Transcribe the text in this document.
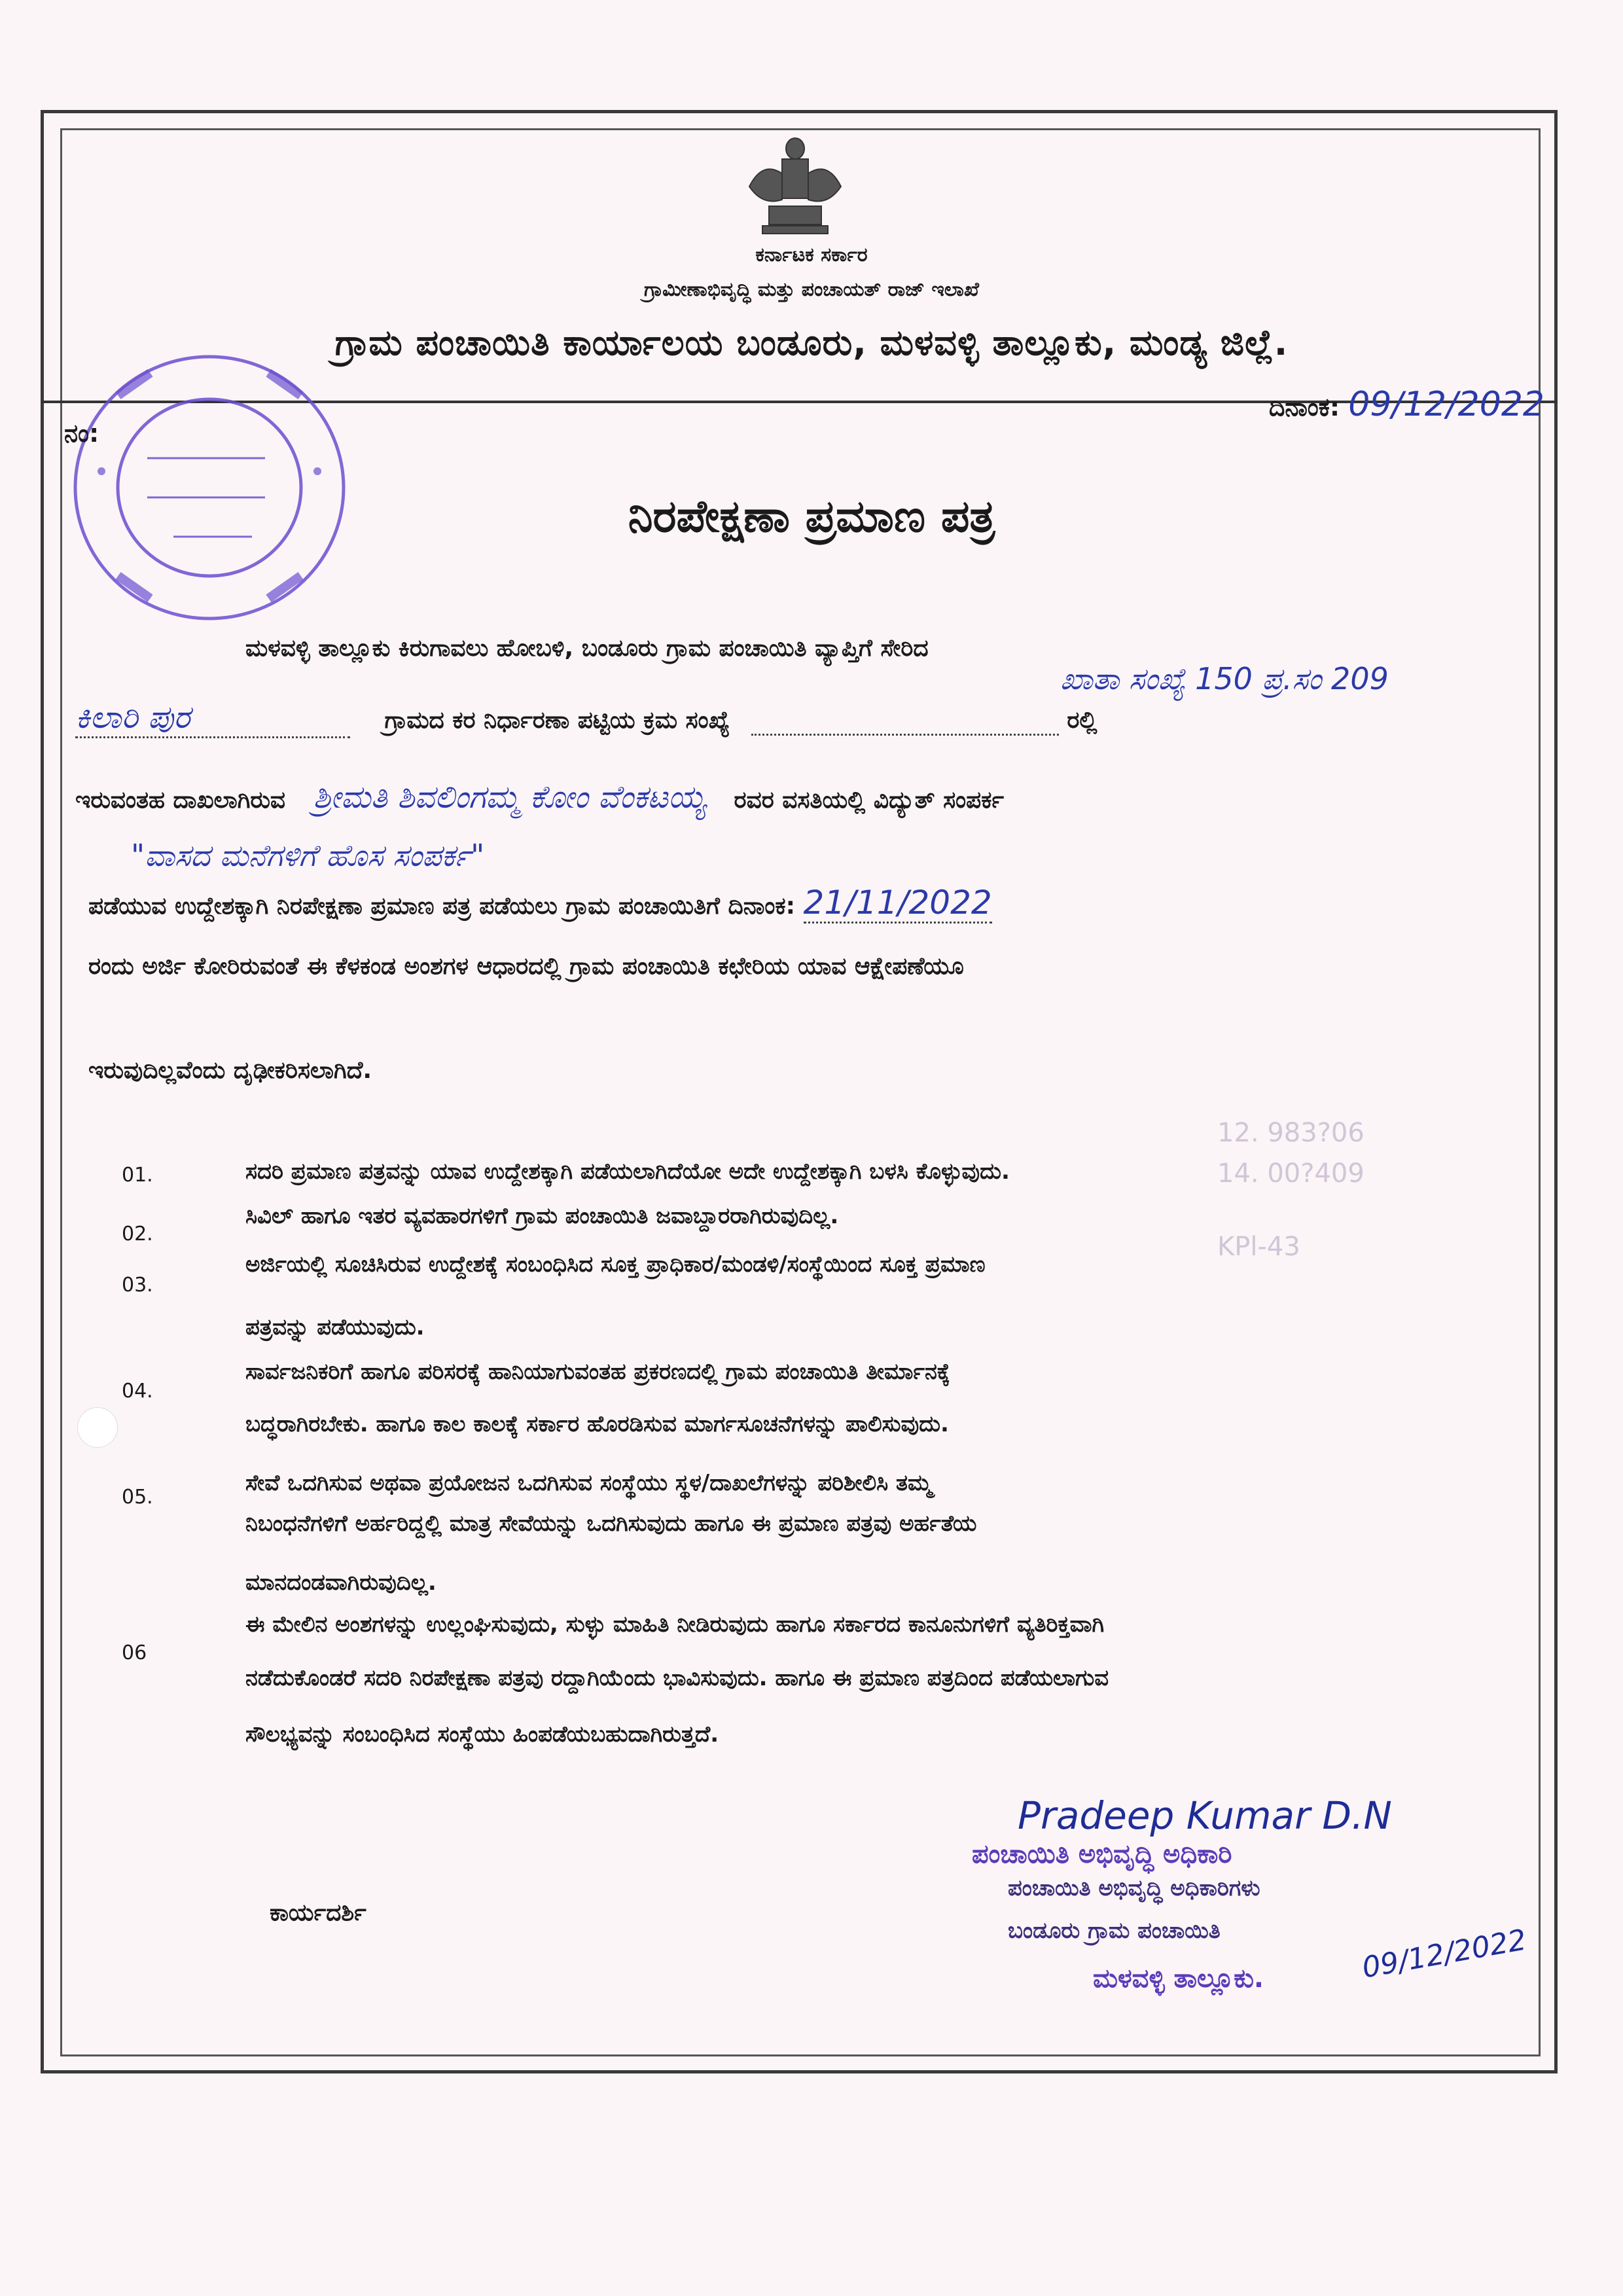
ಕರ್ನಾಟಕ ಸರ್ಕಾರ
ಗ್ರಾಮೀಣಾಭಿವೃದ್ಧಿ ಮತ್ತು ಪಂಚಾಯತ್ ರಾಜ್ ಇಲಾಖೆ
ಗ್ರಾಮ ಪಂಚಾಯಿತಿ ಕಾರ್ಯಾಲಯ ಬಂಡೂರು, ಮಳವಳ್ಳಿ ತಾಲ್ಲೂಕು, ಮಂಡ್ಯ ಜಿಲ್ಲೆ.
ದಿನಾಂಕ: 09/12/2022
ನಂ:
ನಿರಪೇಕ್ಷಣಾ ಪ್ರಮಾಣ ಪತ್ರ
ಮಳವಳ್ಳಿ ತಾಲ್ಲೂಕು ಕಿರುಗಾವಲು ಹೋಬಳಿ, ಬಂಡೂರು ಗ್ರಾಮ ಪಂಚಾಯಿತಿ ವ್ಯಾಪ್ತಿಗೆ ಸೇರಿದ
ಖಾತಾ ಸಂಖ್ಯೆ 150 ಪ್ರ.ಸಂ 209
ಕಿಲಾರಿ ಪುರ	ಗ್ರಾಮದ ಕರ ನಿರ್ಧಾರಣಾ ಪಟ್ಟಿಯ ಕ್ರಮ ಸಂಖ್ಯೆ	ರಲ್ಲಿ
ಇರುವಂತಹ ದಾಖಲಾಗಿರುವ ಶ್ರೀಮತಿ ಶಿವಲಿಂಗಮ್ಮ ಕೋಂ ವೆಂಕಟಯ್ಯ ರವರ ವಸತಿಯಲ್ಲಿ ವಿದ್ಯುತ್ ಸಂಪರ್ಕ
"ವಾಸದ ಮನೆಗಳಿಗೆ ಹೊಸ ಸಂಪರ್ಕ"
ಪಡೆಯುವ ಉದ್ದೇಶಕ್ಕಾಗಿ ನಿರಪೇಕ್ಷಣಾ ಪ್ರಮಾಣ ಪತ್ರ ಪಡೆಯಲು ಗ್ರಾಮ ಪಂಚಾಯಿತಿಗೆ ದಿನಾಂಕ: 21/11/2022
ರಂದು ಅರ್ಜಿ ಕೋರಿರುವಂತೆ ಈ ಕೆಳಕಂಡ ಅಂಶಗಳ ಆಧಾರದಲ್ಲಿ ಗ್ರಾಮ ಪಂಚಾಯಿತಿ ಕಛೇರಿಯ ಯಾವ ಆಕ್ಷೇಪಣೆಯೂ
ಇರುವುದಿಲ್ಲವೆಂದು ದೃಢೀಕರಿಸಲಾಗಿದೆ.
12. 983?06
14. 00?409
KPl-43
01.	ಸದರಿ ಪ್ರಮಾಣ ಪತ್ರವನ್ನು ಯಾವ ಉದ್ದೇಶಕ್ಕಾಗಿ ಪಡೆಯಲಾಗಿದೆಯೋ ಅದೇ ಉದ್ದೇಶಕ್ಕಾಗಿ ಬಳಸಿ ಕೊಳ್ಳುವುದು.
02.
ಸಿವಿಲ್ ಹಾಗೂ ಇತರ ವ್ಯವಹಾರಗಳಿಗೆ ಗ್ರಾಮ ಪಂಚಾಯಿತಿ ಜವಾಬ್ದಾರರಾಗಿರುವುದಿಲ್ಲ.
03.
ಅರ್ಜಿಯಲ್ಲಿ ಸೂಚಿಸಿರುವ ಉದ್ದೇಶಕ್ಕೆ ಸಂಬಂಧಿಸಿದ ಸೂಕ್ತ ಪ್ರಾಧಿಕಾರ/ಮಂಡಳಿ/ಸಂಸ್ಥೆಯಿಂದ ಸೂಕ್ತ ಪ್ರಮಾಣ
ಪತ್ರವನ್ನು ಪಡೆಯುವುದು.
04.
ಸಾರ್ವಜನಿಕರಿಗೆ ಹಾಗೂ ಪರಿಸರಕ್ಕೆ ಹಾನಿಯಾಗುವಂತಹ ಪ್ರಕರಣದಲ್ಲಿ ಗ್ರಾಮ ಪಂಚಾಯಿತಿ ತೀರ್ಮಾನಕ್ಕೆ
ಬದ್ಧರಾಗಿರಬೇಕು. ಹಾಗೂ ಕಾಲ ಕಾಲಕ್ಕೆ ಸರ್ಕಾರ ಹೊರಡಿಸುವ ಮಾರ್ಗಸೂಚನೆಗಳನ್ನು ಪಾಲಿಸುವುದು.
05.
ಸೇವೆ ಒದಗಿಸುವ ಅಥವಾ ಪ್ರಯೋಜನ ಒದಗಿಸುವ ಸಂಸ್ಥೆಯು ಸ್ಥಳ/ದಾಖಲೆಗಳನ್ನು ಪರಿಶೀಲಿಸಿ ತಮ್ಮ
ನಿಬಂಧನೆಗಳಿಗೆ ಅರ್ಹರಿದ್ದಲ್ಲಿ ಮಾತ್ರ ಸೇವೆಯನ್ನು ಒದಗಿಸುವುದು ಹಾಗೂ ಈ ಪ್ರಮಾಣ ಪತ್ರವು ಅರ್ಹತೆಯ
ಮಾನದಂಡವಾಗಿರುವುದಿಲ್ಲ.
06
ಈ ಮೇಲಿನ ಅಂಶಗಳನ್ನು ಉಲ್ಲಂಘಿಸುವುದು, ಸುಳ್ಳು ಮಾಹಿತಿ ನೀಡಿರುವುದು ಹಾಗೂ ಸರ್ಕಾರದ ಕಾನೂನುಗಳಿಗೆ ವ್ಯತಿರಿಕ್ತವಾಗಿ
ನಡೆದುಕೊಂಡರೆ ಸದರಿ ನಿರಪೇಕ್ಷಣಾ ಪತ್ರವು ರದ್ದಾಗಿಯೆಂದು ಭಾವಿಸುವುದು. ಹಾಗೂ ಈ ಪ್ರಮಾಣ ಪತ್ರದಿಂದ ಪಡೆಯಲಾಗುವ
ಸೌಲಭ್ಯವನ್ನು ಸಂಬಂಧಿಸಿದ ಸಂಸ್ಥೆಯು ಹಿಂಪಡೆಯಬಹುದಾಗಿರುತ್ತದೆ.
Pradeep Kumar D.N
ಪಂಚಾಯಿತಿ ಅಭಿವೃದ್ಧಿ ಅಧಿಕಾರಿ
ಪಂಚಾಯಿತಿ ಅಭಿವೃದ್ಧಿ ಅಧಿಕಾರಿಗಳು
ಬಂಡೂರು ಗ್ರಾಮ ಪಂಚಾಯಿತಿ
ಮಳವಳ್ಳಿ ತಾಲ್ಲೂಕು.	09/12/2022
ಕಾರ್ಯದರ್ಶಿ
